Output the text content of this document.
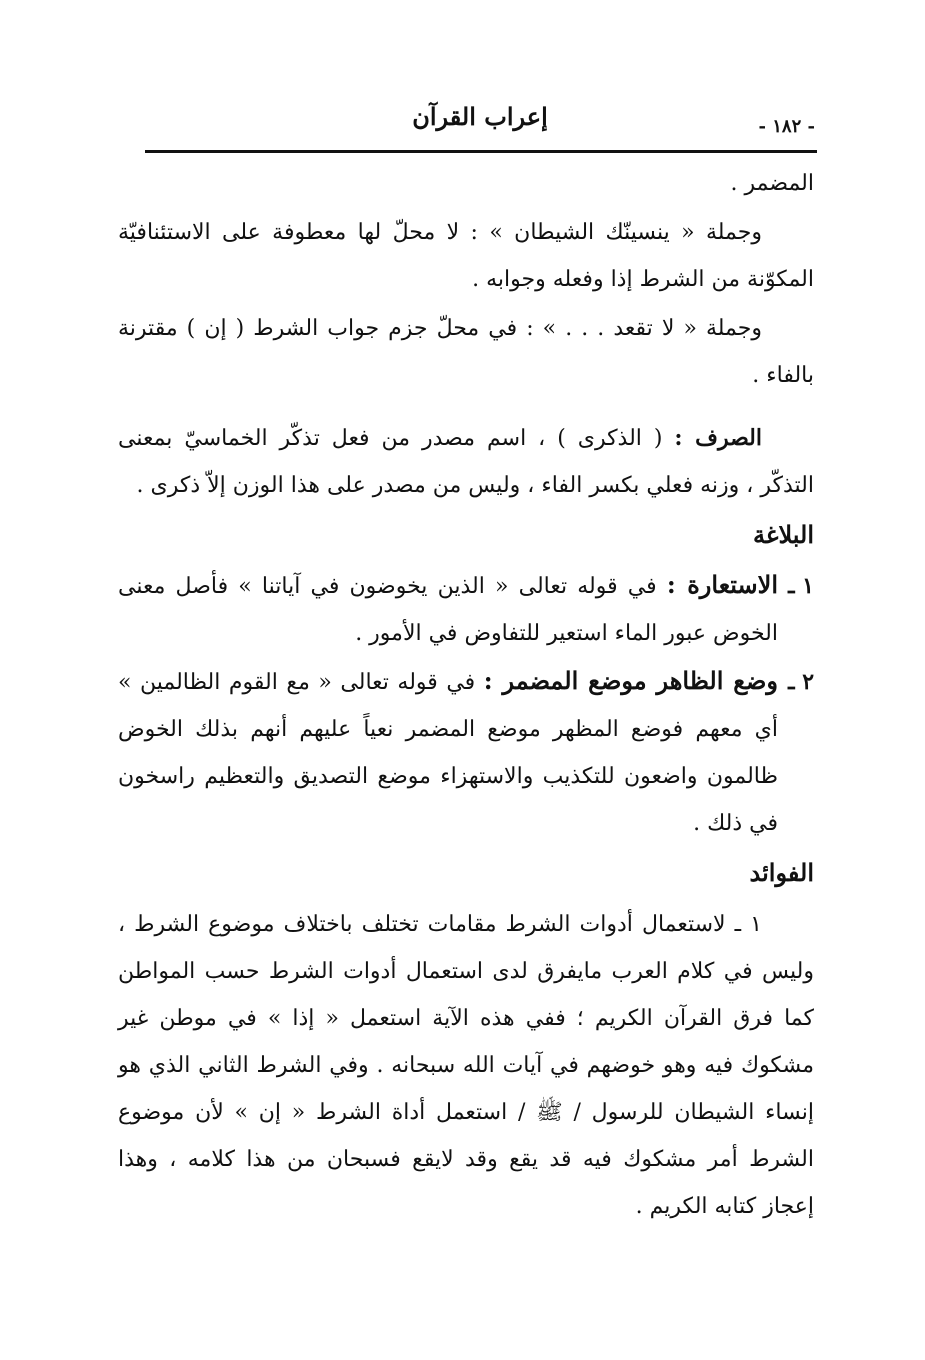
إعراب القرآن	- ١٨٢ -

المضمر .

وجملة « ينسينّك الشيطان » : لا محلّ لها معطوفة على الاستئنافيّة المكوّنة من الشرط إذا وفعله وجوابه .

وجملة « لا تقعد . . . » : في محلّ جزم جواب الشرط ( إن ) مقترنة بالفاء .

الصرف : ( الذكرى ) ، اسم مصدر من فعل تذكّر الخماسيّ بمعنى التذكّر ، وزنه فعلي بكسر الفاء ، وليس من مصدر على هذا الوزن إلاّ ذكرى .

البلاغة

١ ـالاستعارة : في قوله تعالى « الذين يخوضون في آياتنا » فأصل معنى الخوض عبور الماء استعير للتفاوض في الأمور .

٢ ـوضع الظاهر موضع المضمر : في قوله تعالى « مع القوم الظالمين » أي معهم فوضع المظهر موضع المضمر نعياً عليهم أنهم بذلك الخوض ظالمون واضعون للتكذيب والاستهزاء موضع التصديق والتعظيم راسخون في ذلك .

الفوائد

١ ـ لاستعمال أدوات الشرط مقامات تختلف باختلاف موضوع الشرط ، وليس في كلام العرب مايفرق لدى استعمال أدوات الشرط حسب المواطن كما فرق القرآن الكريم ؛ ففي هذه الآية استعمل « إذا » في موطن غير مشكوك فيه وهو خوضهم في آيات الله سبحانه . وفي الشرط الثاني الذي هو إنساء الشيطان للرسول / ﷺ / استعمل أداة الشرط « إن » لأن موضوع الشرط أمر مشكوك فيه قد يقع وقد لايقع فسبحان من هذا كلامه ، وهذا إعجاز كتابه الكريم .
